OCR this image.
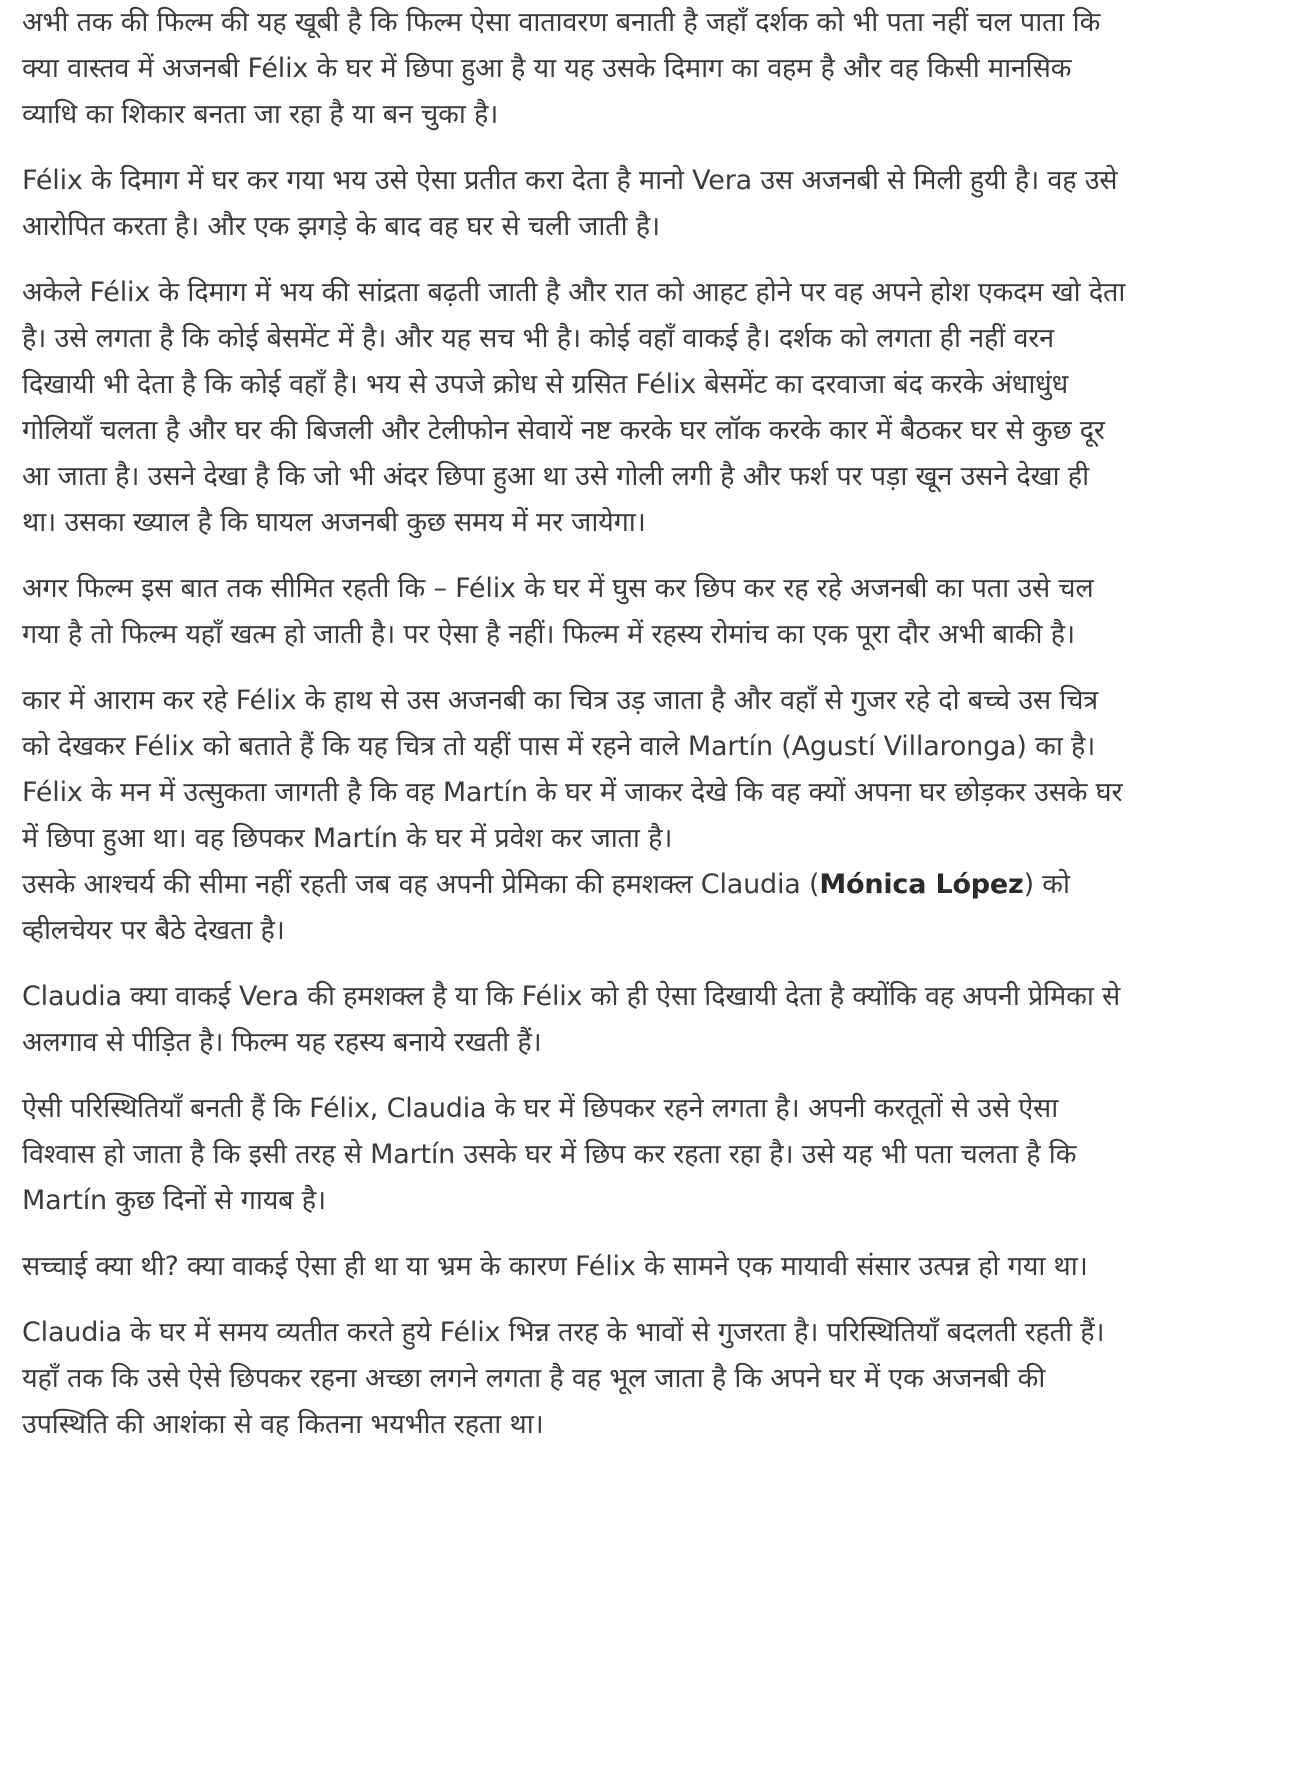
अभी तक की फिल्म की यह खूबी है कि फिल्म ऐसा वातावरण बनाती है जहाँ दर्शक को भी पता नहीं चल पाता कि क्या वास्तव में अजनबी Félix के घर में छिपा हुआ है या यह उसके दिमाग का वहम है और वह किसी मानसिक व्याधि का शिकार बनता जा रहा है या बन चुका है।

Félix के दिमाग में घर कर गया भय उसे ऐसा प्रतीत करा देता है मानो Vera उस अजनबी से मिली हुयी है। वह उसे आरोपित करता है। और एक झगड़े के बाद वह घर से चली जाती है।

अकेले Félix के दिमाग में भय की सांद्रता बढ़ती जाती है और रात को आहट होने पर वह अपने होश एकदम खो देता है। उसे लगता है कि कोई बेसमेंट में है। और यह सच भी है। कोई वहाँ वाकई है। दर्शक को लगता ही नहीं वरन दिखायी भी देता है कि कोई वहाँ है। भय से उपजे क्रोध से ग्रसित Félix बेसमेंट का दरवाजा बंद करके अंधाधुंध गोलियाँ चलता है और घर की बिजली और टेलीफोन सेवायें नष्ट करके घर लॉक करके कार में बैठकर घर से कुछ दूर आ जाता है। उसने देखा है कि जो भी अंदर छिपा हुआ था उसे गोली लगी है और फर्श पर पड़ा खून उसने देखा ही था। उसका ख्याल है कि घायल अजनबी कुछ समय में मर जायेगा।

अगर फिल्म इस बात तक सीमित रहती कि – Félix के घर में घुस कर छिप कर रह रहे अजनबी का पता उसे चल गया है तो फिल्म यहाँ खत्म हो जाती है। पर ऐसा है नहीं। फिल्म में रहस्य रोमांच का एक पूरा दौर अभी बाकी है।

कार में आराम कर रहे Félix के हाथ से उस अजनबी का चित्र उड़ जाता है और वहाँ से गुजर रहे दो बच्चे उस चित्र को देखकर Félix को बताते हैं कि यह चित्र तो यहीं पास में रहने वाले Martín (Agustí Villaronga) का है। Félix के मन में उत्सुकता जागती है कि वह Martín के घर में जाकर देखे कि वह क्यों अपना घर छोड़कर उसके घर में छिपा हुआ था। वह छिपकर Martín के घर में प्रवेश कर जाता है।

उसके आश्चर्य की सीमा नहीं रहती जब वह अपनी प्रेमिका की हमशक्ल Claudia (Mónica López) को व्हीलचेयर पर बैठे देखता है।

Claudia क्या वाकई Vera की हमशक्ल है या कि Félix को ही ऐसा दिखायी देता है क्योंकि वह अपनी प्रेमिका से अलगाव से पीड़ित है। फिल्म यह रहस्य बनाये रखती हैं।

ऐसी परिस्थितियाँ बनती हैं कि Félix, Claudia के घर में छिपकर रहने लगता है। अपनी करतूतों से उसे ऐसा विश्वास हो जाता है कि इसी तरह से Martín उसके घर में छिप कर रहता रहा है। उसे यह भी पता चलता है कि Martín कुछ दिनों से गायब है।

सच्चाई क्या थी? क्या वाकई ऐसा ही था या भ्रम के कारण Félix के सामने एक मायावी संसार उत्पन्न हो गया था।

Claudia के घर में समय व्यतीत करते हुये Félix भिन्न तरह के भावों से गुजरता है। परिस्थितियाँ बदलती रहती हैं। यहाँ तक कि उसे ऐसे छिपकर रहना अच्छा लगने लगता है वह भूल जाता है कि अपने घर में एक अजनबी की उपस्थिति की आशंका से वह कितना भयभीत रहता था।
